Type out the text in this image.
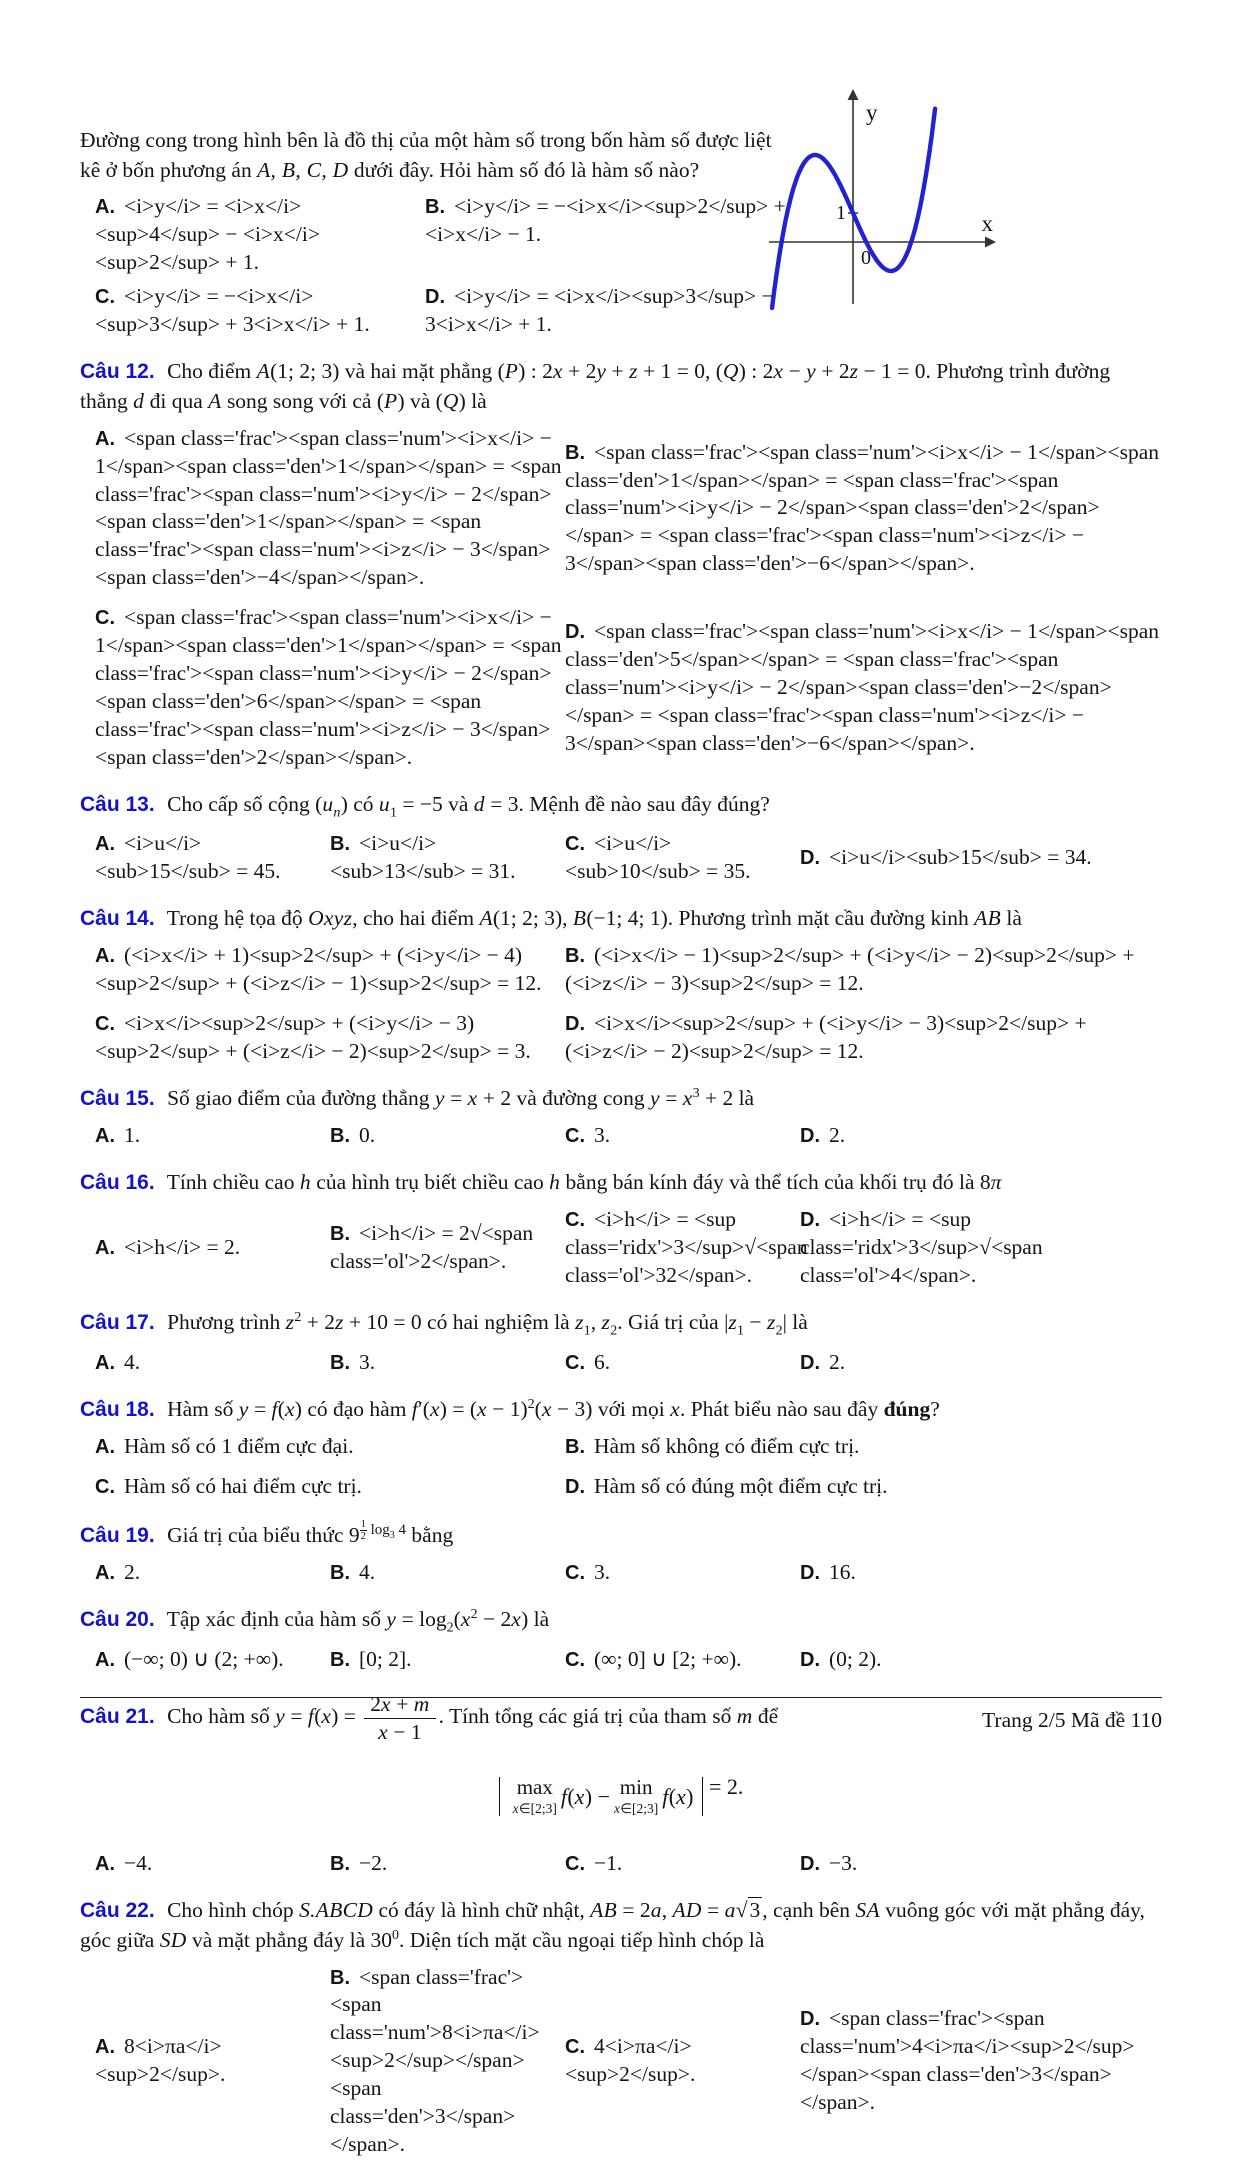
y
x
1
0

Đường cong trong hình bên là đồ thị của một hàm số trong bốn hàm số được liệt kê ở bốn phương án A, B, C, D dưới đây. Hỏi hàm số đó là hàm số nào?

A. <i>y</i> = <i>x</i><sup>4</sup> − <i>x</i><sup>2</sup> + 1.
B. <i>y</i> = −<i>x</i><sup>2</sup> + <i>x</i> − 1.
C. <i>y</i> = −<i>x</i><sup>3</sup> + 3<i>x</i> + 1.
D. <i>y</i> = <i>x</i><sup>3</sup> − 3<i>x</i> + 1.

Câu 12. Cho điểm A(1; 2; 3) và hai mặt phẳng (P) : 2x + 2y + z + 1 = 0, (Q) : 2x − y + 2z − 1 = 0. Phương trình đường thẳng d đi qua A song song với cả (P) và (Q) là

A. <span class='frac'><span class='num'><i>x</i> − 1</span><span class='den'>1</span></span> = <span class='frac'><span class='num'><i>y</i> − 2</span><span class='den'>1</span></span> = <span class='frac'><span class='num'><i>z</i> − 3</span><span class='den'>−4</span></span>.
B. <span class='frac'><span class='num'><i>x</i> − 1</span><span class='den'>1</span></span> = <span class='frac'><span class='num'><i>y</i> − 2</span><span class='den'>2</span></span> = <span class='frac'><span class='num'><i>z</i> − 3</span><span class='den'>−6</span></span>.
C. <span class='frac'><span class='num'><i>x</i> − 1</span><span class='den'>1</span></span> = <span class='frac'><span class='num'><i>y</i> − 2</span><span class='den'>6</span></span> = <span class='frac'><span class='num'><i>z</i> − 3</span><span class='den'>2</span></span>.
D. <span class='frac'><span class='num'><i>x</i> − 1</span><span class='den'>5</span></span> = <span class='frac'><span class='num'><i>y</i> − 2</span><span class='den'>−2</span></span> = <span class='frac'><span class='num'><i>z</i> − 3</span><span class='den'>−6</span></span>.

Câu 13. Cho cấp số cộng $(u_n)$ có $u_1 = -5$ và d = 3. Mệnh đề nào sau đây đúng?

A. <i>u</i><sub>15</sub> = 45.
B. <i>u</i><sub>13</sub> = 31.
C. <i>u</i><sub>10</sub> = 35.
D. <i>u</i><sub>15</sub> = 34.

Câu 14. Trong hệ tọa độ Oxyz, cho hai điểm A(1; 2; 3), B(−1; 4; 1). Phương trình mặt cầu đường kinh AB là

A. (<i>x</i> + 1)<sup>2</sup> + (<i>y</i> − 4)<sup>2</sup> + (<i>z</i> − 1)<sup>2</sup> = 12.
B. (<i>x</i> − 1)<sup>2</sup> + (<i>y</i> − 2)<sup>2</sup> + (<i>z</i> − 3)<sup>2</sup> = 12.
C. <i>x</i><sup>2</sup> + (<i>y</i> − 3)<sup>2</sup> + (<i>z</i> − 2)<sup>2</sup> = 3.
D. <i>x</i><sup>2</sup> + (<i>y</i> − 3)<sup>2</sup> + (<i>z</i> − 2)<sup>2</sup> = 12.

Câu 15. Số giao điểm của đường thẳng y = x + 2 và đường cong $y = x^3 + 2$ là

A. 1.	B. 0.	C. 3.	D. 2.

Câu 16. Tính chiều cao h của hình trụ biết chiều cao h bằng bán kính đáy và thể tích của khối trụ đó là 8π

A. <i>h</i> = 2.
B. <i>h</i> = 2√<span class='ol'>2</span>.
C. <i>h</i> = <sup class='ridx'>3</sup>√<span class='ol'>32</span>.
D. <i>h</i> = <sup class='ridx'>3</sup>√<span class='ol'>4</span>.

Câu 17. Phương trình $z^2 + 2z + 10 = 0$ có hai nghiệm là $z_1$, $z_2$. Giá trị của $|z_1 - z_2|$ là

A. 4.	B. 3.	C. 6.	D. 2.

Câu 18. Hàm số y = f(x) có đạo hàm $f'(x) = (x - 1)^2(x - 3)$ với mọi x. Phát biểu nào sau đây đúng?

A. Hàm số có 1 điểm cực đại.	B. Hàm số không có điểm cực trị.
C. Hàm số có hai điểm cực trị.	D. Hàm số có đúng một điểm cực trị.

Câu 19. Giá trị của biểu thức 9 $^{\frac{1}{2} log_3 4}$ bằng

A. 2.	B. 4.	C. 3.	D. 16.

Câu 20. Tập xác định của hàm số $y = \log_2(x^2 - 2x)$ là

A. (−∞; 0) ∪ (2; +∞).	B. [0; 2].	C. (∞; 0] ∪ [2; +∞).	D. (0; 2).

Câu 21. Cho hàm số $y = f(x) = \frac{2x + m}{x - 1}$ . Tính tổng các giá trị của tham số m để

max
x∈[2;3]
f ( x ) − min
x∈[2;3]
f ( x ) = 2.
A. −4.	B. −2.	C. −1.	D. −3.

Câu 22. Cho hình chóp S.ABCD có đáy là hình chữ nhật, AB = 2a, AD = a√3, cạnh bên SA vuông góc với mặt phẳng đáy, góc giữa SD và mặt phẳng đáy là $30^0$. Diện tích mặt cầu ngoại tiếp hình chóp là

A. 8<i>πa</i><sup>2</sup>.
B. <span class='frac'><span class='num'>8<i>πa</i><sup>2</sup></span><span class='den'>3</span></span>.
C. 4<i>πa</i><sup>2</sup>.
D. <span class='frac'><span class='num'>4<i>πa</i><sup>2</sup></span><span class='den'>3</span></span>.
Trang 2/5 Mã đề 110
